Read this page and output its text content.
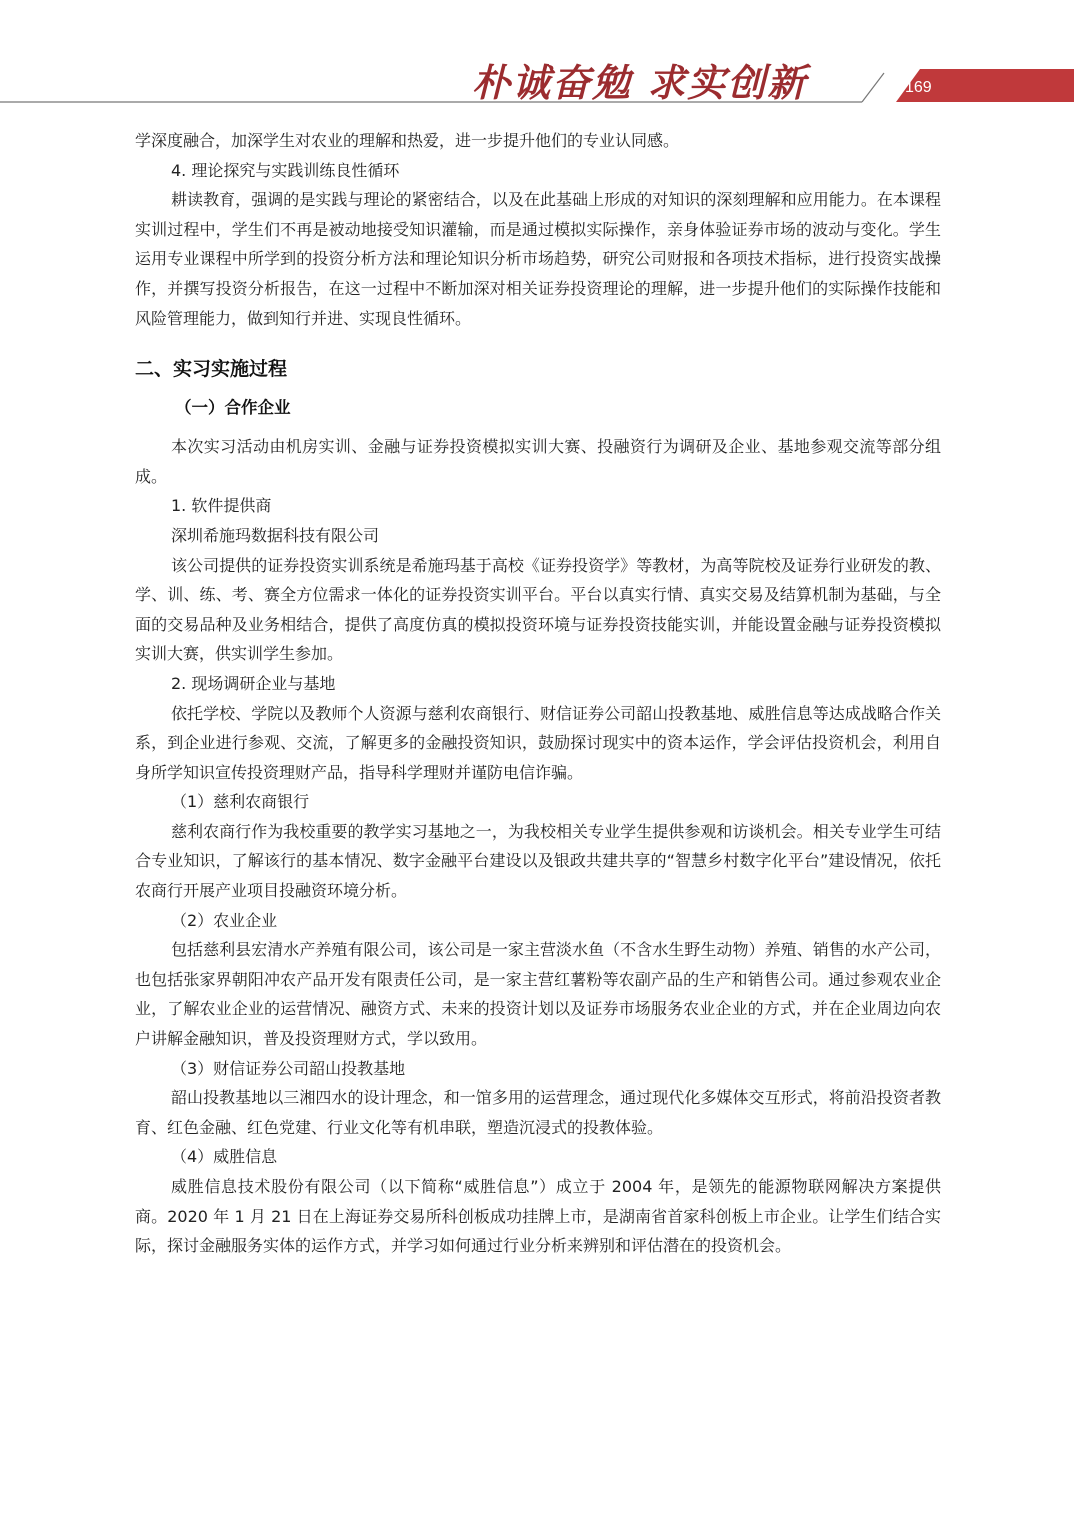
朴诚奋勉 求实创新	169

学深度融合，加深学生对农业的理解和热爱，进一步提升他们的专业认同感。

4. 理论探究与实践训练良性循环

耕读教育，强调的是实践与理论的紧密结合，以及在此基础上形成的对知识的深刻理解和应用能力。在本课程实训过程中，学生们不再是被动地接受知识灌输，而是通过模拟实际操作，亲身体验证券市场的波动与变化。学生运用专业课程中所学到的投资分析方法和理论知识分析市场趋势，研究公司财报和各项技术指标，进行投资实战操作，并撰写投资分析报告，在这一过程中不断加深对相关证券投资理论的理解，进一步提升他们的实际操作技能和风险管理能力，做到知行并进、实现良性循环。

二、实习实施过程

（一）合作企业

本次实习活动由机房实训、金融与证券投资模拟实训大赛、投融资行为调研及企业、基地参观交流等部分组成。

1. 软件提供商

深圳希施玛数据科技有限公司

该公司提供的证券投资实训系统是希施玛基于高校《证券投资学》等教材，为高等院校及证券行业研发的教、学、训、练、考、赛全方位需求一体化的证券投资实训平台。平台以真实行情、真实交易及结算机制为基础，与全面的交易品种及业务相结合，提供了高度仿真的模拟投资环境与证券投资技能实训，并能设置金融与证券投资模拟实训大赛，供实训学生参加。

2. 现场调研企业与基地

依托学校、学院以及教师个人资源与慈利农商银行、财信证券公司韶山投教基地、威胜信息等达成战略合作关系，到企业进行参观、交流，了解更多的金融投资知识，鼓励探讨现实中的资本运作，学会评估投资机会，利用自身所学知识宣传投资理财产品，指导科学理财并谨防电信诈骗。

（1）慈利农商银行

慈利农商行作为我校重要的教学实习基地之一，为我校相关专业学生提供参观和访谈机会。相关专业学生可结合专业知识，了解该行的基本情况、数字金融平台建设以及银政共建共享的“智慧乡村数字化平台”建设情况，依托农商行开展产业项目投融资环境分析。

（2）农业企业

包括慈利县宏清水产养殖有限公司，该公司是一家主营淡水鱼（不含水生野生动物）养殖、销售的水产公司，也包括张家界朝阳冲农产品开发有限责任公司，是一家主营红薯粉等农副产品的生产和销售公司。通过参观农业企业，了解农业企业的运营情况、融资方式、未来的投资计划以及证券市场服务农业企业的方式，并在企业周边向农户讲解金融知识，普及投资理财方式，学以致用。

（3）财信证券公司韶山投教基地

韶山投教基地以三湘四水的设计理念，和一馆多用的运营理念，通过现代化多媒体交互形式，将前沿投资者教育、红色金融、红色党建、行业文化等有机串联，塑造沉浸式的投教体验。

（4）威胜信息

威胜信息技术股份有限公司（以下简称“威胜信息”）成立于 2004 年，是领先的能源物联网解决方案提供商。2020 年 1 月 21 日在上海证券交易所科创板成功挂牌上市，是湖南省首家科创板上市企业。让学生们结合实际，探讨金融服务实体的运作方式，并学习如何通过行业分析来辨别和评估潜在的投资机会。
